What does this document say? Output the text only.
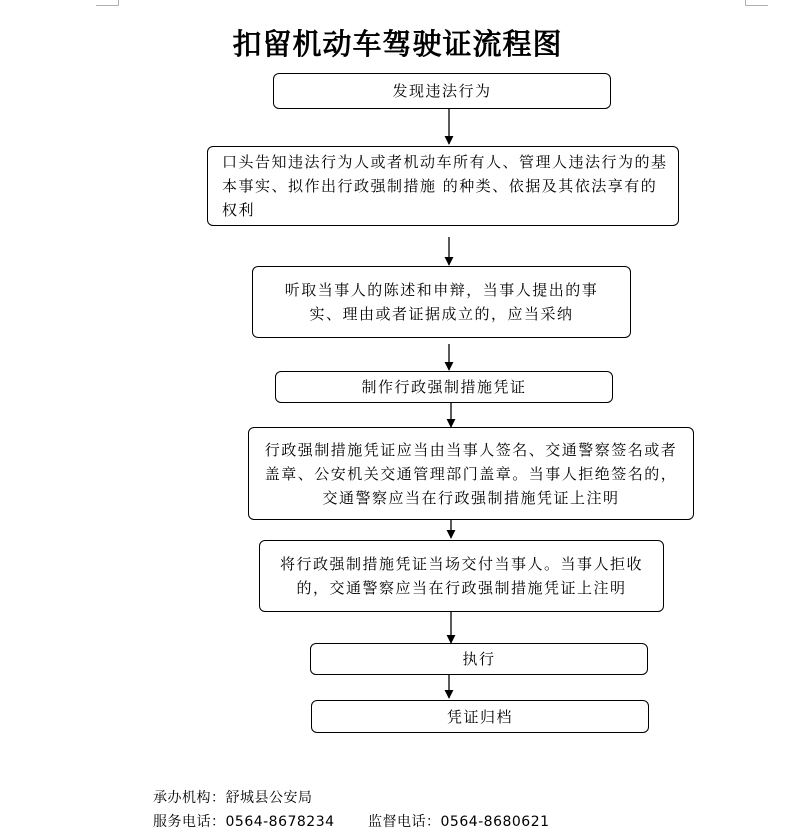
扣留机动车驾驶证流程图
发现违法行为
口头告知违法行为人或者机动车所有人、管理人违法行为的基本事实、拟作出行政强制措施 的种类、依据及其依法享有的权利
听取当事人的陈述和申辩，当事人提出的事实、理由或者证据成立的，应当采纳
制作行政强制措施凭证
行政强制措施凭证应当由当事人签名、交通警察签名或者盖章、公安机关交通管理部门盖章。当事人拒绝签名的，交通警察应当在行政强制措施凭证上注明
将行政强制措施凭证当场交付当事人。当事人拒收的，交通警察应当在行政强制措施凭证上注明
执行
凭证归档
承办机构：舒城县公安局
服务电话：0564-8678234 监督电话：0564-8680621
